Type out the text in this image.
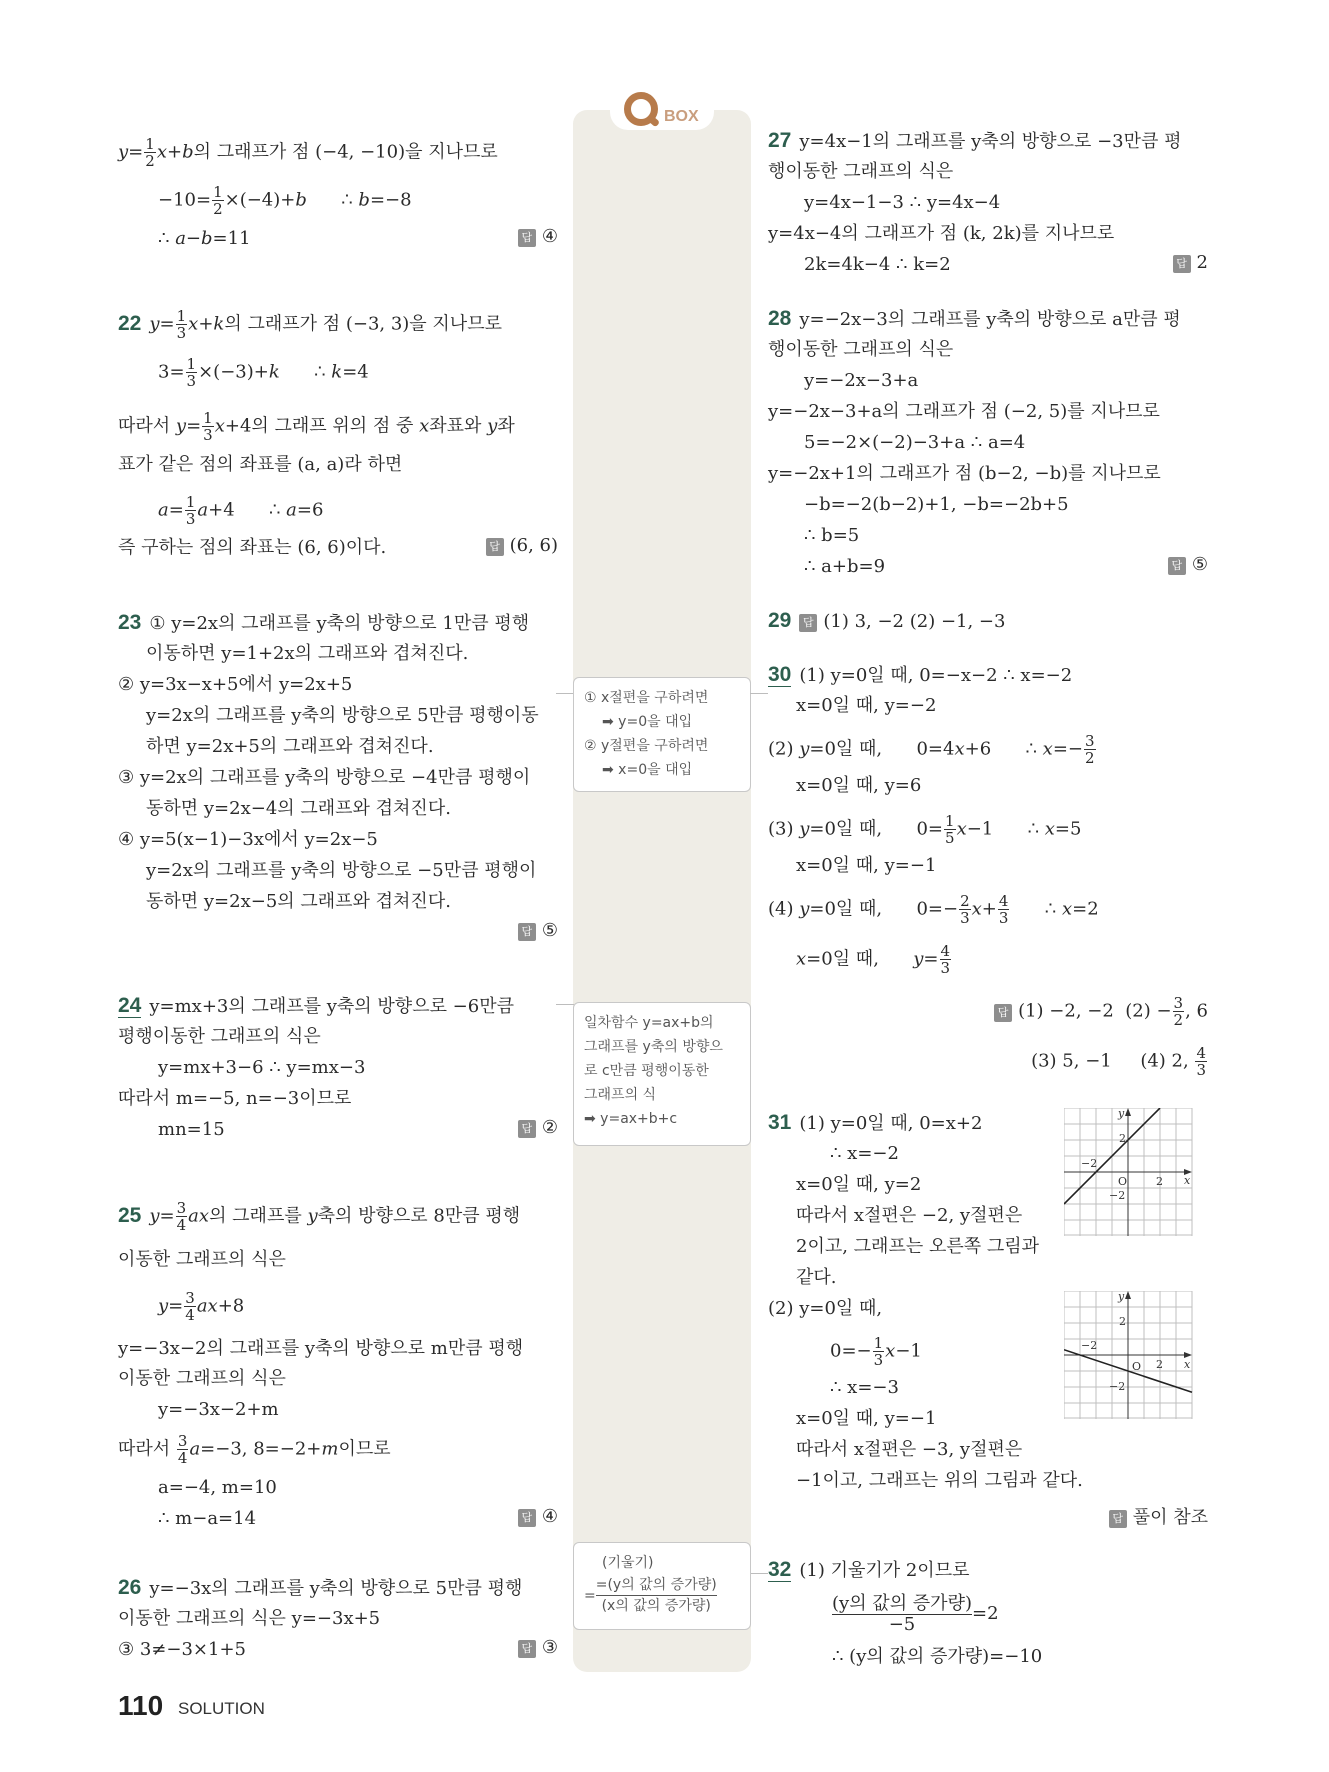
BOX
$y= \frac{1}{2} x+b$의 그래프가 점 (−4, −10)을 지나므로
$-10= \frac{1}{2} \times(-4)+b$      ∴ b=−8
∴ a−b=11	답 ④
22 $y= \frac{1}{3} x+k$의 그래프가 점 (−3, 3)을 지나므로
$3= \frac{1}{3} \times(-3)+k$      ∴ k=4
따라서 $y= \frac{1}{3} x+4$의 그래프 위의 점 중 x좌표와 y좌
표가 같은 점의 좌표를 (a, a)라 하면
$a= \frac{1}{3} a+4$      ∴ a=6
즉 구하는 점의 좌표는 (6, 6)이다.	답 (6, 6)
23 ① y=2x의 그래프를 y축의 방향으로 1만큼 평행
이동하면 y=1+2x의 그래프와 겹쳐진다.
② y=3x−x+5에서 y=2x+5
y=2x의 그래프를 y축의 방향으로 5만큼 평행이동
하면 y=2x+5의 그래프와 겹쳐진다.
③ y=2x의 그래프를 y축의 방향으로 −4만큼 평행이
동하면 y=2x−4의 그래프와 겹쳐진다.
④ y=5(x−1)−3x에서 y=2x−5
y=2x의 그래프를 y축의 방향으로 −5만큼 평행이
동하면 y=2x−5의 그래프와 겹쳐진다.
답 ⑤
24 y=mx+3의 그래프를 y축의 방향으로 −6만큼
평행이동한 그래프의 식은
y=mx+3−6 ∴ y=mx−3
따라서 m=−5, n=−3이므로
mn=15	답 ②
25 $y= \frac{3}{4}$ ax의 그래프를 y축의 방향으로 8만큼 평행
이동한 그래프의 식은
$y= \frac{3}{4} ax+8$
y=−3x−2의 그래프를 y축의 방향으로 m만큼 평행
이동한 그래프의 식은
y=−3x−2+m
따라서 $\frac{3}{4} a=-3$, 8=−2+m이므로
a=−4, m=10
∴ m−a=14	답 ④
26 y=−3x의 그래프를 y축의 방향으로 5만큼 평행
이동한 그래프의 식은 y=−3x+5
③ 3≠−3×1+5	답 ③
① x절편을 구하려면
➡ y=0을 대입
② y절편을 구하려면
➡ x=0을 대입
일차함수 y=ax+b의
그래프를 y축의 방향으
로 c만큼 평행이동한
그래프의 식
➡ y=ax+b+c
(기울기)
=
=(y의 값의 증가량)
(x의 값의 증가량)
27 y=4x−1의 그래프를 y축의 방향으로 −3만큼 평
행이동한 그래프의 식은
y=4x−1−3 ∴ y=4x−4
y=4x−4의 그래프가 점 (k, 2k)를 지나므로
2k=4k−4 ∴ k=2	답 2
28 y=−2x−3의 그래프를 y축의 방향으로 a만큼 평
행이동한 그래프의 식은
y=−2x−3+a
y=−2x−3+a의 그래프가 점 (−2, 5)를 지나므로
5=−2×(−2)−3+a ∴ a=4
y=−2x+1의 그래프가 점 (b−2, −b)를 지나므로
−b=−2(b−2)+1, −b=−2b+5
∴ b=5
∴ a+b=9	답 ⑤
29 답 (1) 3, −2 (2) −1, −3
30 (1) y=0일 때, 0=−x−2 ∴ x=−2
x=0일 때, y=−2
(2) y=0일 때,      0=4x+6      ∴ $x=- \frac{3}{2}$
x=0일 때, y=6
(3) y=0일 때,      $0= \frac{1}{5} x-1$      ∴ x=5
x=0일 때, y=−1
(4) y=0일 때,      $0=- \frac{2}{3} x+ \frac{4}{3}$ ∴ x=2
x=0일 때,      $y= \frac{4}{3}$
답 (1) −2, −2  $(2) - \frac{3}{2}$ , 6
(3) 5, −1     (4) 2, $\frac{4}{3}$
31 (1) y=0일 때, 0=x+2
∴ x=−2
x=0일 때, y=2
따라서 x절편은 −2, y절편은
2이고, 그래프는 오른쪽 그림과
같다.
(2) y=0일 때,
$0=- \frac{1}{3} x-1$
∴ x=−3
x=0일 때, y=−1
따라서 x절편은 −3, y절편은
−1이고, 그래프는 위의 그림과 같다.
답 풀이 참조
32 (1) 기울기가 2이므로
(y의 값의 증가량)
−5	=2
∴ (y의 값의 증가량)=−10
y
x
O	2
2
−2
−2
y
x
O 2
2
−2
−2
110 SOLUTION
